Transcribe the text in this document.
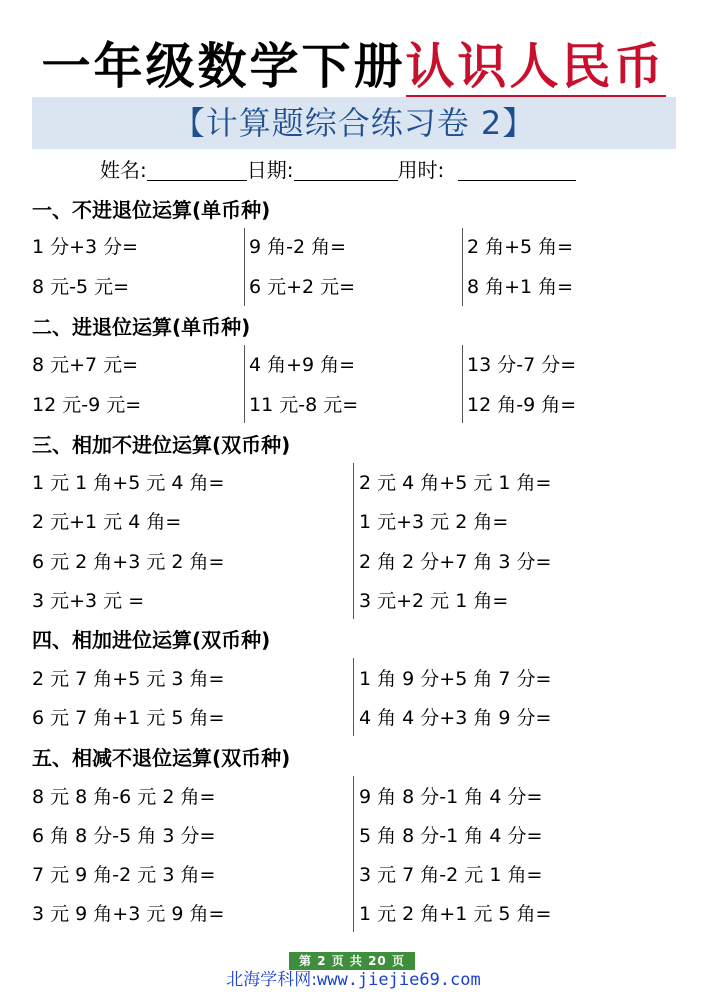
一年级数学下册认识人民币
【计算题综合练习卷 2】
姓名:	日期:	用时:
一、不进退位运算(单币种)
1 分+3 分=
8 元-5 元=
9 角-2 角=
6 元+2 元=
2 角+5 角=
8 角+1 角=
二、进退位运算(单币种)
8 元+7 元=
12 元-9 元=
4 角+9 角=
11 元-8 元=
13 分-7 分=
12 角-9 角=
三、相加不进位运算(双币种)
1 元 1 角+5 元 4 角=
2 元+1 元 4 角=
6 元 2 角+3 元 2 角=
3 元+3 元 =
2 元 4 角+5 元 1 角=
1 元+3 元 2 角=
2 角 2 分+7 角 3 分=
3 元+2 元 1 角=
四、相加进位运算(双币种)
2 元 7 角+5 元 3 角=
6 元 7 角+1 元 5 角=
1 角 9 分+5 角 7 分=
4 角 4 分+3 角 9 分=
五、相减不退位运算(双币种)
8 元 8 角-6 元 2 角=
6 角 8 分-5 角 3 分=
7 元 9 角-2 元 3 角=
3 元 9 角+3 元 9 角=
9 角 8 分-1 角 4 分=
5 角 8 分-1 角 4 分=
3 元 7 角-2 元 1 角=
1 元 2 角+1 元 5 角=
第 2 页 共 20 页
北海学科网:www.jiejie69.com
